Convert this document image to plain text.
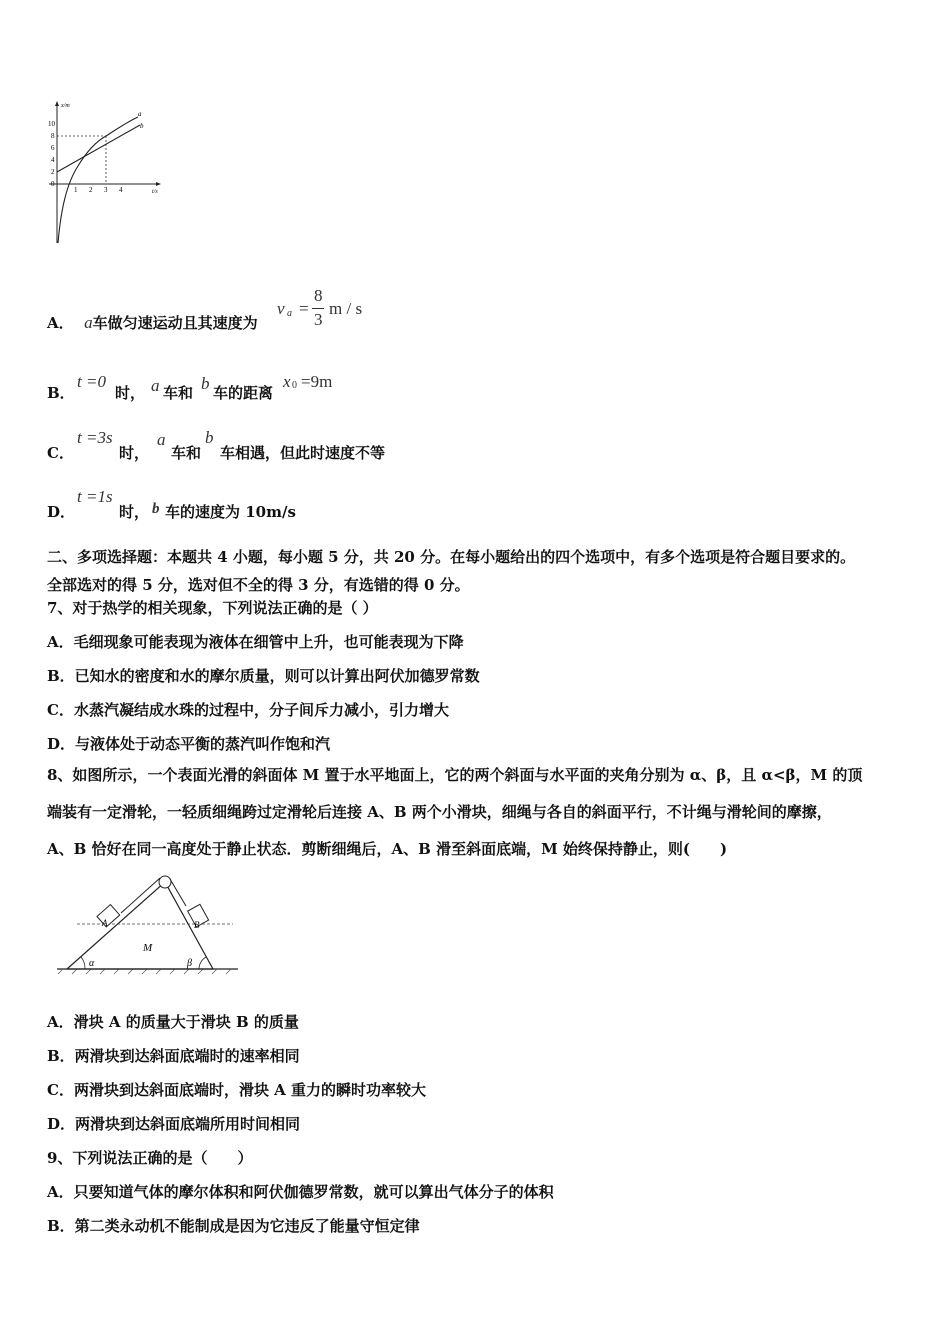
x/m
t/s
10
8
6
4
2
0
1 2 3 4
a
b
A． a车做匀速运动且其速度为
v a =
8
3
m / s
B．
t =0
时， a 车和 b 车的距离
x 0 =9m
C．
t =3s
时，
a
车和
b
车相遇，但此时速度不等
D．
t =1s
时， b 车的速度为 10m/s
二、多项选择题：本题共 4 小题，每小题 5 分，共 20 分。在每小题给出的四个选项中，有多个选项是符合题目要求的。
全部选对的得 5 分，选对但不全的得 3 分，有选错的得 0 分。
7、对于热学的相关现象，下列说法正确的是（ ）
A．毛细现象可能表现为液体在细管中上升，也可能表现为下降
B．已知水的密度和水的摩尔质量，则可以计算出阿伏加德罗常数
C．水蒸汽凝结成水珠的过程中，分子间斥力减小，引力增大
D．与液体处于动态平衡的蒸汽叫作饱和汽
8、如图所示，一个表面光滑的斜面体 M 置于水平地面上，它的两个斜面与水平面的夹角分别为 α、β，且 α<β，M 的顶
端装有一定滑轮，一轻质细绳跨过定滑轮后连接 A、B 两个小滑块，细绳与各自的斜面平行，不计绳与滑轮间的摩擦，
A、B 恰好在同一高度处于静止状态．剪断细绳后，A、B 滑至斜面底端，M 始终保持静止，则(　　)
A	B
M
α	β
A．滑块 A 的质量大于滑块 B 的质量
B．两滑块到达斜面底端时的速率相同
C．两滑块到达斜面底端时，滑块 A 重力的瞬时功率较大
D．两滑块到达斜面底端所用时间相同
9、下列说法正确的是（　　）
A．只要知道气体的摩尔体积和阿伏伽德罗常数，就可以算出气体分子的体积
B．第二类永动机不能制成是因为它违反了能量守恒定律
